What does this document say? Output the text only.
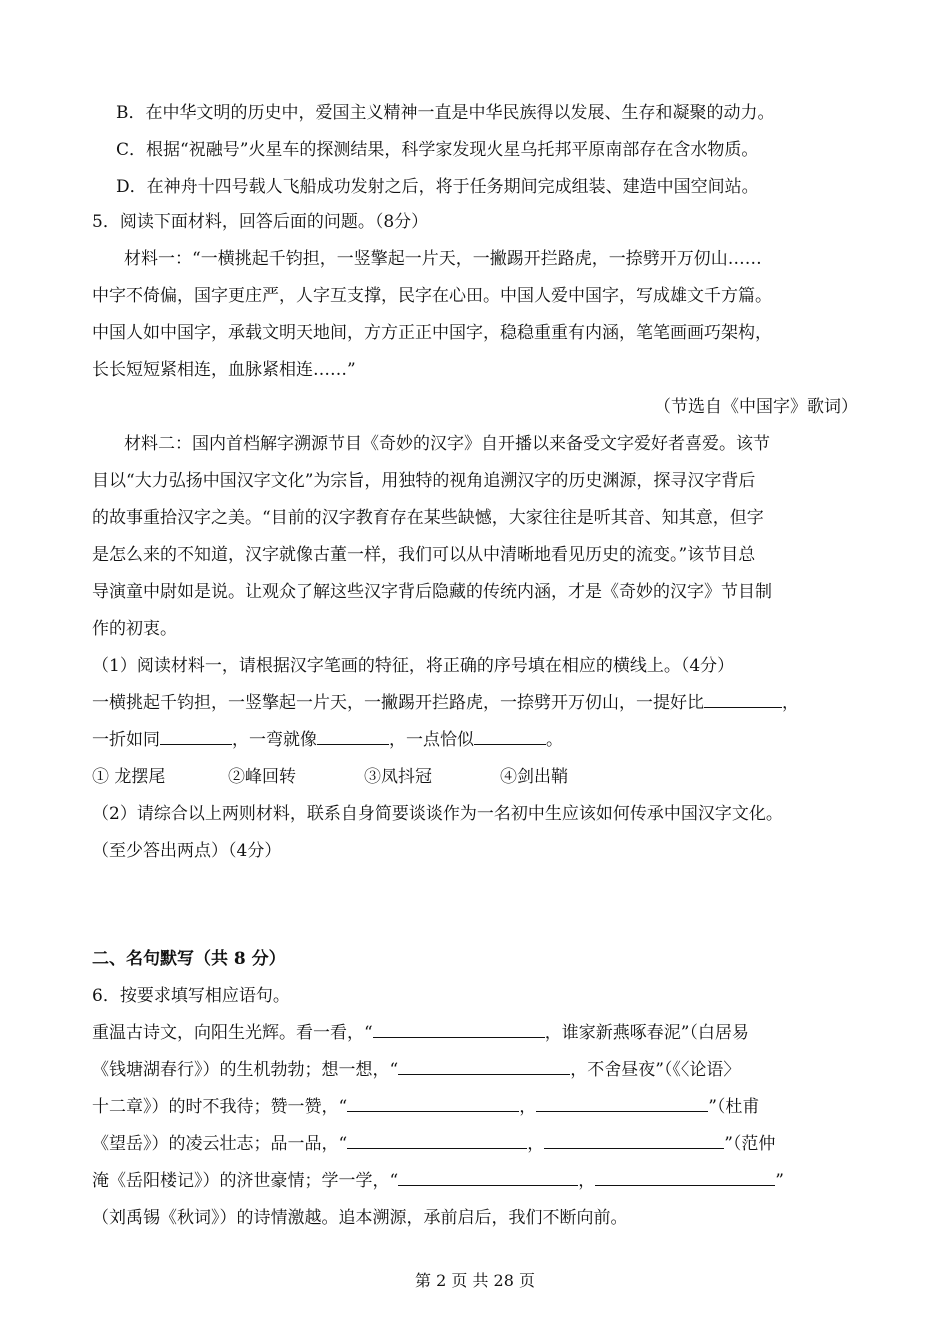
B．在中华文明的历史中，爱国主义精神一直是中华民族得以发展、生存和凝聚的动力。
C．根据“祝融号”火星车的探测结果，科学家发现火星乌托邦平原南部存在含水物质。
D．在神舟十四号载人飞船成功发射之后，将于任务期间完成组装、建造中国空间站。
5．阅读下面材料，回答后面的问题。（8分）
材料一：“一横挑起千钧担，一竖擎起一片天，一撇踢开拦路虎，一捺劈开万仞山……
中字不倚偏，国字更庄严，人字互支撑，民字在心田。中国人爱中国字，写成雄文千方篇。
中国人如中国字，承载文明天地间，方方正正中国字，稳稳重重有内涵，笔笔画画巧架构，
长长短短紧相连，血脉紧相连……”
（节选自《中国字》歌词）
材料二：国内首档解字溯源节目《奇妙的汉字》自开播以来备受文字爱好者喜爱。该节
目以“大力弘扬中国汉字文化”为宗旨，用独特的视角追溯汉字的历史渊源，探寻汉字背后
的故事重拾汉字之美。“目前的汉字教育存在某些缺憾，大家往往是听其音、知其意，但字
是怎么来的不知道，汉字就像古董一样，我们可以从中清晰地看见历史的流变。”该节目总
导演童中尉如是说。让观众了解这些汉字背后隐藏的传统内涵，才是《奇妙的汉字》节目制
作的初衷。
（1）阅读材料一，请根据汉字笔画的特征，将正确的序号填在相应的横线上。（4分）
一横挑起千钧担，一竖擎起一片天，一撇踢开拦路虎，一捺劈开万仞山，一提好比	，
一折如同	，一弯就像	，一点恰似	。
① 龙摆尾	②峰回转	③凤抖冠	④剑出鞘
（2）请综合以上两则材料，联系自身简要谈谈作为一名初中生应该如何传承中国汉字文化。
（至少答出两点）（4分）
二、名句默写（共 8 分）
6．按要求填写相应语句。
重温古诗文，向阳生光辉。看一看，“	，谁家新燕啄春泥”（白居易
《钱塘湖春行》）的生机勃勃；想一想，“	，不舍昼夜”（《〈论语〉
十二章》）的时不我待；赞一赞，“	，	”（杜甫
《望岳》）的凌云壮志；品一品，“	，	”（范仲
淹《岳阳楼记》）的济世豪情；学一学，“	，	”
（刘禹锡《秋词》）的诗情激越。追本溯源，承前启后，我们不断向前。
第 2 页 共 28 页
